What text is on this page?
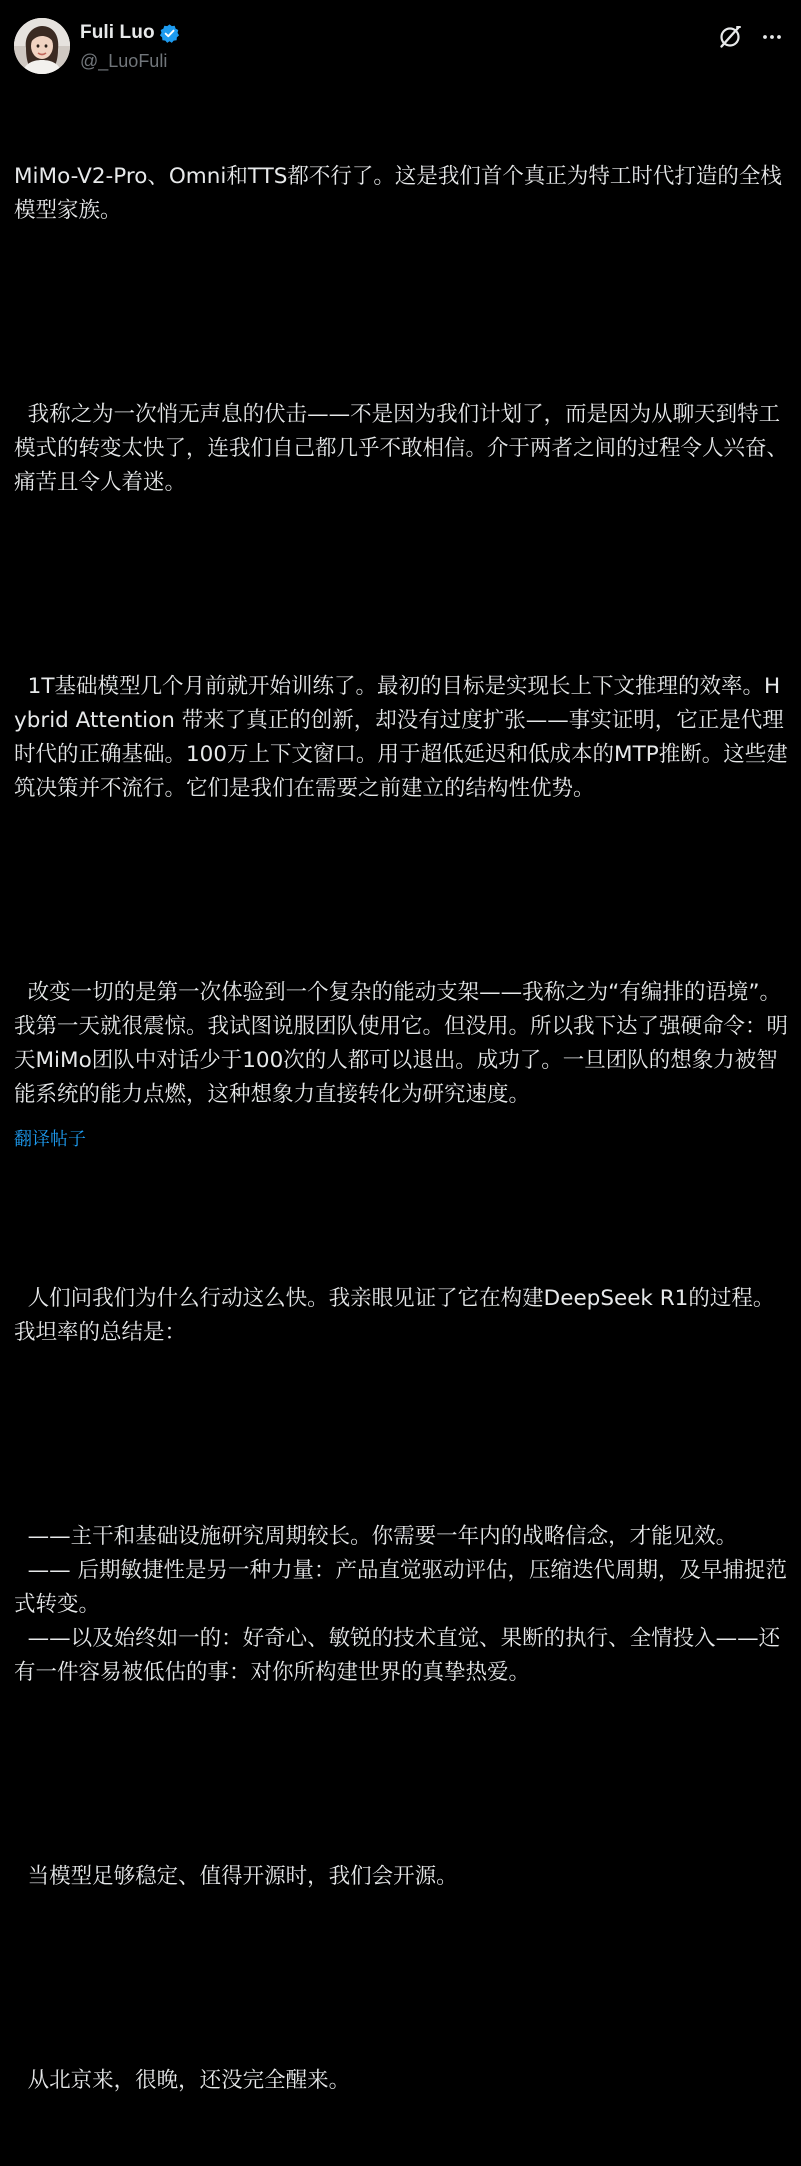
Fuli Luo
@_LuoFuli

MiMo-V2-Pro、Omni和TTS都不行了。这是我们首个真正为特工时代打造的全栈模型家族。

我称之为一次悄无声息的伏击——不是因为我们计划了，而是因为从聊天到特工模式的转变太快了，连我们自己都几乎不敢相信。介于两者之间的过程令人兴奋、痛苦且令人着迷。

1T基础模型几个月前就开始训练了。最初的目标是实现长上下文推理的效率。Hybrid Attention 带来了真正的创新，却没有过度扩张——事实证明，它正是代理时代的正确基础。100万上下文窗口。用于超低延迟和低成本的MTP推断。这些建筑决策并不流行。它们是我们在需要之前建立的结构性优势。

改变一切的是第一次体验到一个复杂的能动支架——我称之为“有编排的语境”。我第一天就很震惊。我试图说服团队使用它。但没用。所以我下达了强硬命令：明天MiMo团队中对话少于100次的人都可以退出。成功了。一旦团队的想象力被智能系统的能力点燃，这种想象力直接转化为研究速度。

人们问我们为什么行动这么快。我亲眼见证了它在构建DeepSeek R1的过程。我坦率的总结是：

——主干和基础设施研究周期较长。你需要一年内的战略信念，才能见效。
—— 后期敏捷性是另一种力量：产品直觉驱动评估，压缩迭代周期，及早捕捉范式转变。
——以及始终如一的：好奇心、敏锐的技术直觉、果断的执行、全情投入——还有一件容易被低估的事：对你所构建世界的真挚热爱。

当模型足够稳定、值得开源时，我们会开源。

从北京来，很晚，还没完全醒来。

翻译帖子
